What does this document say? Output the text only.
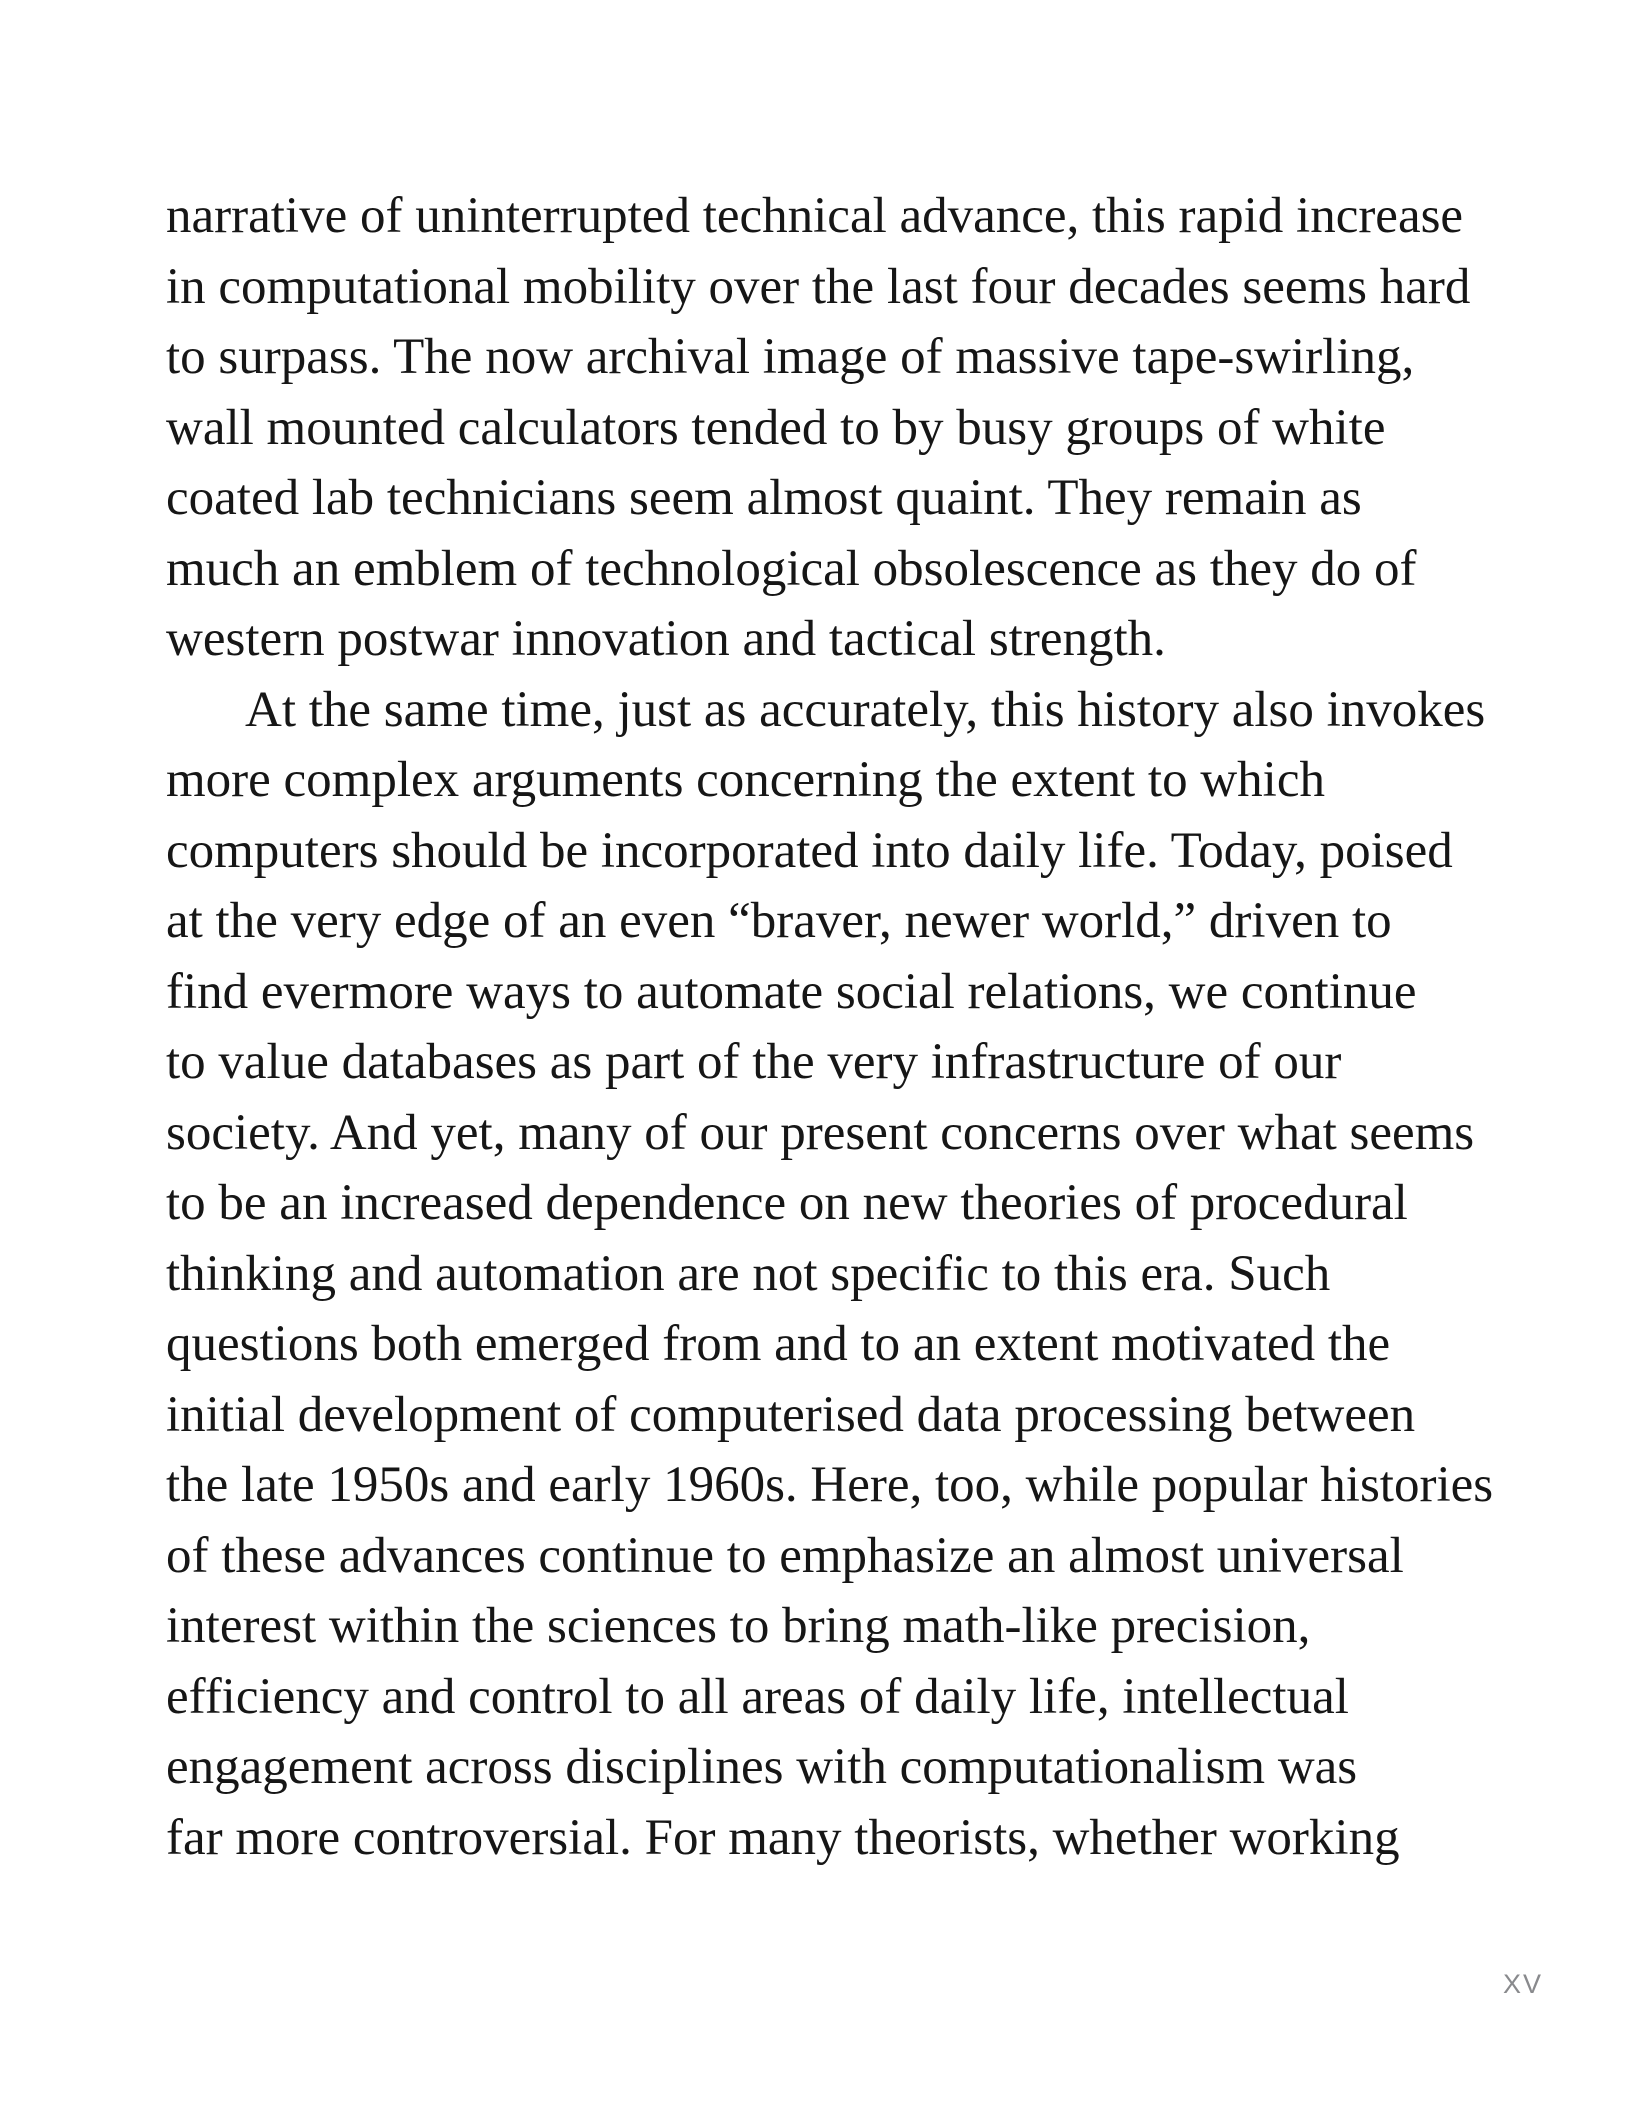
narrative of uninterrupted technical advance, this rapid increase
in computational mobility over the last four decades seems hard
to surpass. The now archival image of massive tape-swirling,
wall mounted calculators tended to by busy groups of white
coated lab technicians seem almost quaint. They remain as
much an emblem of technological obsolescence as they do of
western postwar innovation and tactical strength.
At the same time, just as accurately, this history also invokes
more complex arguments concerning the extent to which
computers should be incorporated into daily life. Today, poised
at the very edge of an even “braver, newer world,” driven to
find evermore ways to automate social relations, we continue
to value databases as part of the very infrastructure of our
society. And yet, many of our present concerns over what seems
to be an increased dependence on new theories of procedural
thinking and automation are not specific to this era. Such
questions both emerged from and to an extent motivated the
initial development of computerised data processing between
the late 1950s and early 1960s. Here, too, while popular histories
of these advances continue to emphasize an almost universal
interest within the sciences to bring math-like precision,
efficiency and control to all areas of daily life, intellectual
engagement across disciplines with computationalism was
far more controversial. For many theorists, whether working
XV
